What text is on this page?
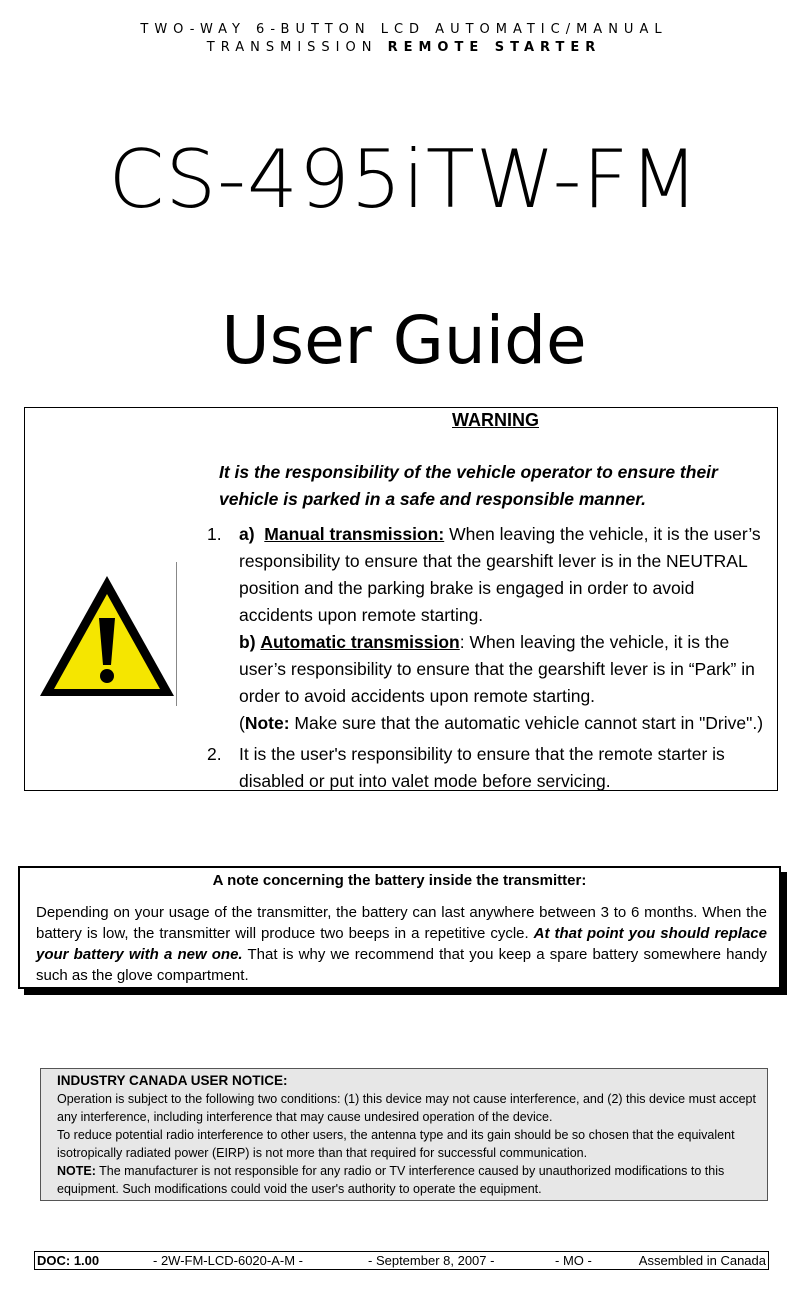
TWO-WAY 6-BUTTON LCD AUTOMATIC/MANUAL
TRANSMISSION REMOTE STARTER
CS-495iTW-FM
User Guide
WARNING
It is the responsibility of the vehicle operator to ensure their vehicle is parked in a safe and responsible manner.
1. a) Manual transmission: When leaving the vehicle, it is the user’s responsibility to ensure that the gearshift lever is in the NEUTRAL position and the parking brake is engaged in order to avoid accidents upon remote starting.
b) Automatic transmission: When leaving the vehicle, it is the user’s responsibility to ensure that the gearshift lever is in “Park” in order to avoid accidents upon remote starting.
(Note: Make sure that the automatic vehicle cannot start in "Drive".)
2. It is the user's responsibility to ensure that the remote starter is disabled or put into valet mode before servicing.
A note concerning the battery inside the transmitter:
Depending on your usage of the transmitter, the battery can last anywhere between 3 to 6 months. When the battery is low, the transmitter will produce two beeps in a repetitive cycle. At that point you should replace your battery with a new one. That is why we recommend that you keep a spare battery somewhere handy such as the glove compartment.
INDUSTRY CANADA USER NOTICE:
Operation is subject to the following two conditions: (1) this device may not cause interference, and (2) this device must accept any interference, including interference that may cause undesired operation of the device.
To reduce potential radio interference to other users, the antenna type and its gain should be so chosen that the equivalent isotropically radiated power (EIRP) is not more than that required for successful communication.
NOTE: The manufacturer is not responsible for any radio or TV interference caused by unauthorized modifications to this equipment. Such modifications could void the user's authority to operate the equipment.
DOC: 1.00	- 2W-FM-LCD-6020-A-M -	- September 8, 2007 -	- MO -	Assembled in Canada
